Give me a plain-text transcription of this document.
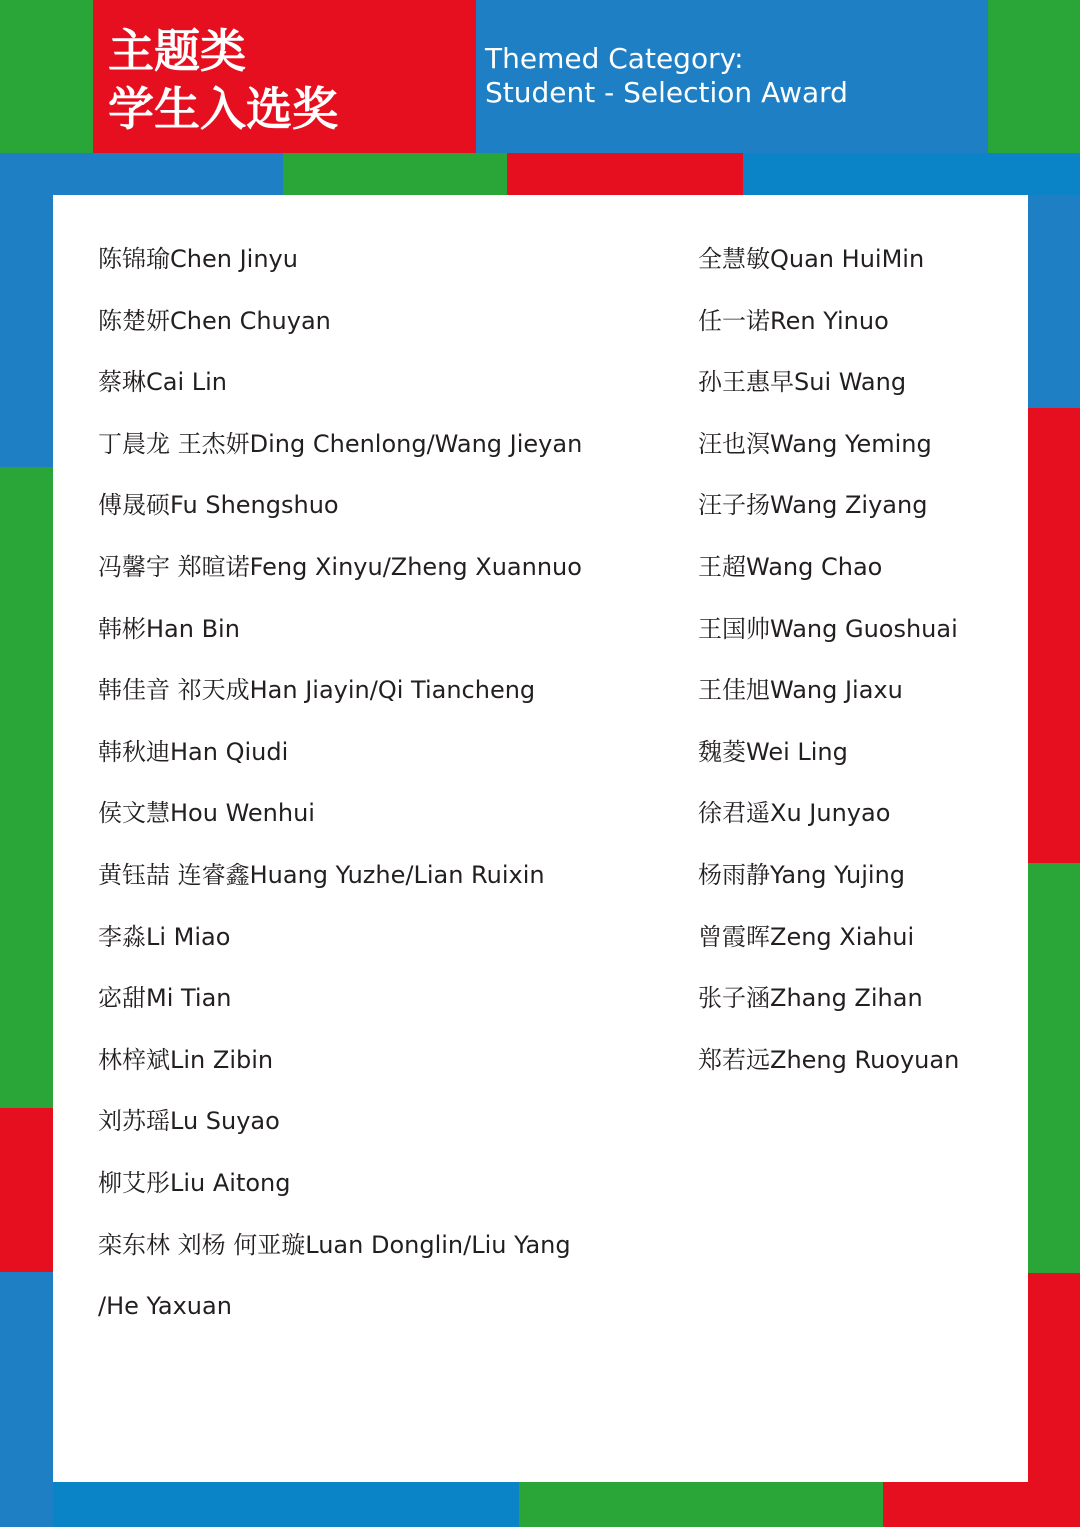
主题类
学生入选奖
Themed Category:
Student - Selection Award
陈锦瑜Chen Jinyu
陈楚妍Chen Chuyan
蔡琳Cai Lin
丁晨龙 王杰妍Ding Chenlong/Wang Jieyan
傅晟硕Fu Shengshuo
冯馨宇 郑暄诺Feng Xinyu/Zheng Xuannuo
韩彬Han Bin
韩佳音 祁天成Han Jiayin/Qi Tiancheng
韩秋迪Han Qiudi
侯文慧Hou Wenhui
黄钰喆 连睿鑫Huang Yuzhe/Lian Ruixin
李淼Li Miao
宓甜Mi Tian
林梓斌Lin Zibin
刘苏瑶Lu Suyao
柳艾彤Liu Aitong
栾东林 刘杨 何亚璇Luan Donglin/Liu Yang
/He Yaxuan
全慧敏Quan HuiMin
任一诺Ren Yinuo
孙王惠早Sui Wang
汪也溟Wang Yeming
汪子扬Wang Ziyang
王超Wang Chao
王国帅Wang Guoshuai
王佳旭Wang Jiaxu
魏菱Wei Ling
徐君遥Xu Junyao
杨雨静Yang Yujing
曾霞晖Zeng Xiahui
张子涵Zhang Zihan
郑若远Zheng Ruoyuan
